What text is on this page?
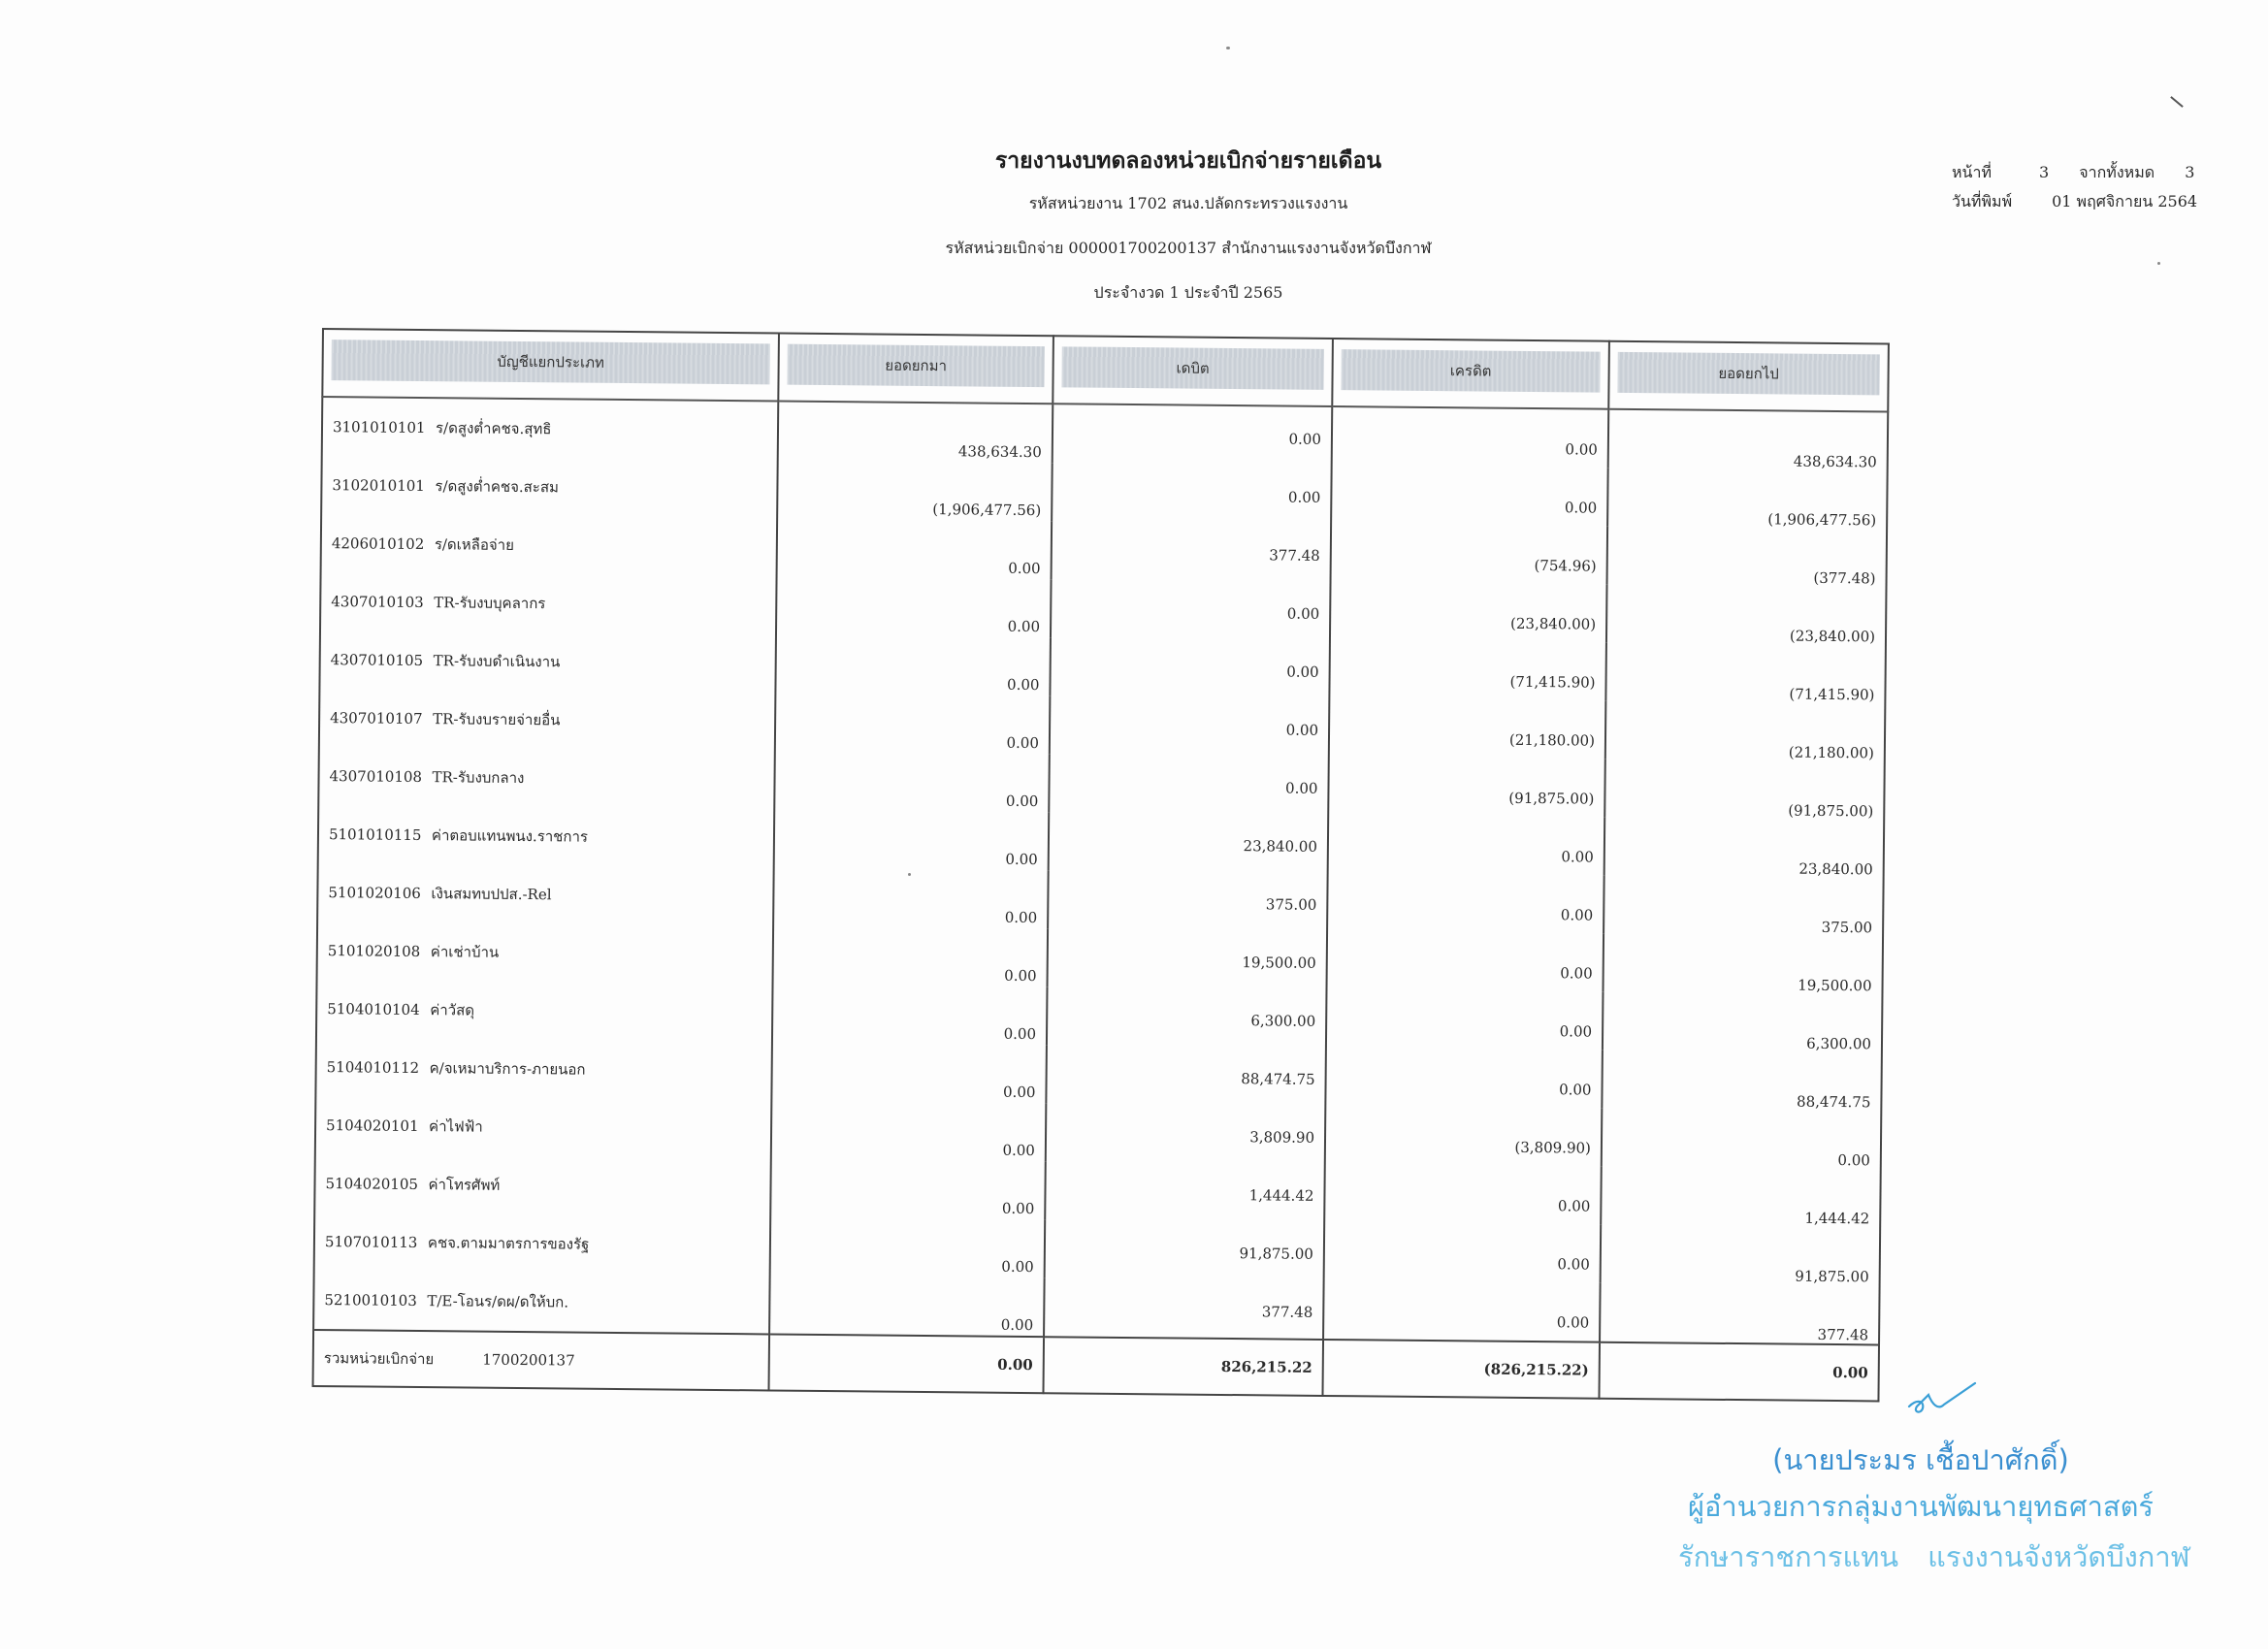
รายงานงบทดลองหน่วยเบิกจ่ายรายเดือน
รหัสหน่วยงาน 1702 สนง.ปลัดกระทรวงแรงงาน
รหัสหน่วยเบิกจ่าย 000001700200137 สำนักงานแรงงานจังหวัดบึงกาฬ
ประจำงวด 1 ประจำปี 2565
หน้าที่	3 จากทั้งหมด 3
วันที่พิมพ์	01 พฤศจิกายน 2564
บัญชีแยกประเภท	ยอดยกมา	เดบิต	เครดิต	ยอดยกไป

3101010101 ร/ดสูงต่ำคชจ.สุทธิ	438,634.30	0.00	0.00	438,634.30
3102010101 ร/ดสูงต่ำคชจ.สะสม	(1,906,477.56)	0.00	0.00	(1,906,477.56)
4206010102 ร/ดเหลือจ่าย	0.00	377.48	(754.96)	(377.48)
4307010103 TR-รับงบบุคลากร	0.00	0.00	(23,840.00)	(23,840.00)
4307010105 TR-รับงบดำเนินงาน	0.00	0.00	(71,415.90)	(71,415.90)
4307010107 TR-รับงบรายจ่ายอื่น	0.00	0.00	(21,180.00)	(21,180.00)
4307010108 TR-รับงบกลาง	0.00	0.00	(91,875.00)	(91,875.00)
5101010115 ค่าตอบแทนพนง.ราชการ	0.00	23,840.00	0.00	23,840.00
5101020106 เงินสมทบปปส.-Rel	0.00	375.00	0.00	375.00
5101020108 ค่าเช่าบ้าน	0.00	19,500.00	0.00	19,500.00
5104010104 ค่าวัสดุ	0.00	6,300.00	0.00	6,300.00
5104010112 ค/จเหมาบริการ-ภายนอก	0.00	88,474.75	0.00	88,474.75
5104020101 ค่าไฟฟ้า	0.00	3,809.90	(3,809.90)	0.00
5104020105 ค่าโทรศัพท์	0.00	1,444.42	0.00	1,444.42
5107010113 คชจ.ตามมาตรการของรัฐ	0.00	91,875.00	0.00	91,875.00
5210010103 T/E-โอนร/ดผ/ดให้บก.	0.00	377.48	0.00	377.48
รวมหน่วยเบิกจ่าย 1700200137	0.00	826,215.22	(826,215.22)	0.00
(นายประมร เชื้อปาศักดิ์)
ผู้อำนวยการกลุ่มงานพัฒนายุทธศาสตร์
รักษาราชการแทน แรงงานจังหวัดบึงกาฬ
